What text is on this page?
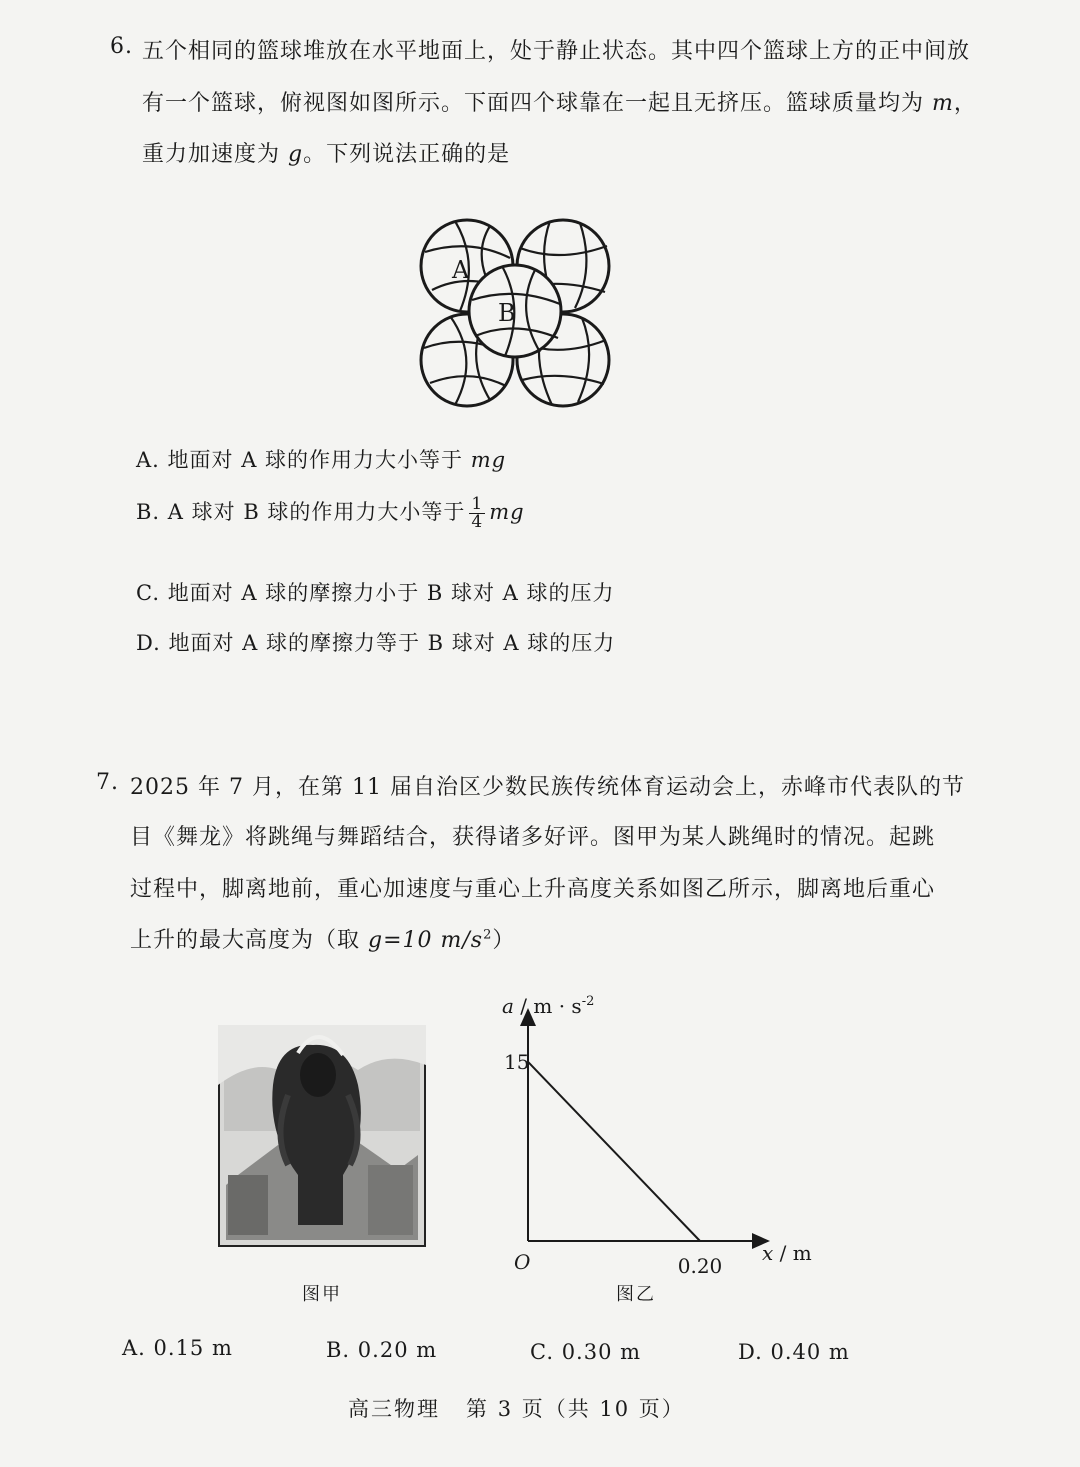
6. 五个相同的篮球堆放在水平地面上，处于静止状态。其中四个篮球上方的正中间放
有一个篮球，俯视图如图所示。下面四个球靠在一起且无挤压。篮球质量均为 m，
重力加速度为 g。下列说法正确的是
A
B
A. 地面对 A 球的作用力大小等于 mg
B. A 球对 B 球的作用力大小等于 $\frac{1}{4}$ mg
C. 地面对 A 球的摩擦力小于 B 球对 A 球的压力
D. 地面对 A 球的摩擦力等于 B 球对 A 球的压力
7. 2025 年 7 月，在第 11 届自治区少数民族传统体育运动会上，赤峰市代表队的节
目《舞龙》将跳绳与舞蹈结合，获得诸多好评。图甲为某人跳绳时的情况。起跳
过程中，脚离地前，重心加速度与重心上升高度关系如图乙所示，脚离地后重心
上升的最大高度为（取 g=10 $m/s^2$）
图甲
$a / m \cdot s^{-2}$
x / m
O
15
0.20
图乙
A. 0.15 m	B. 0.20 m	C. 0.30 m	D. 0.40 m
高三物理   第 3 页（共 10 页）
